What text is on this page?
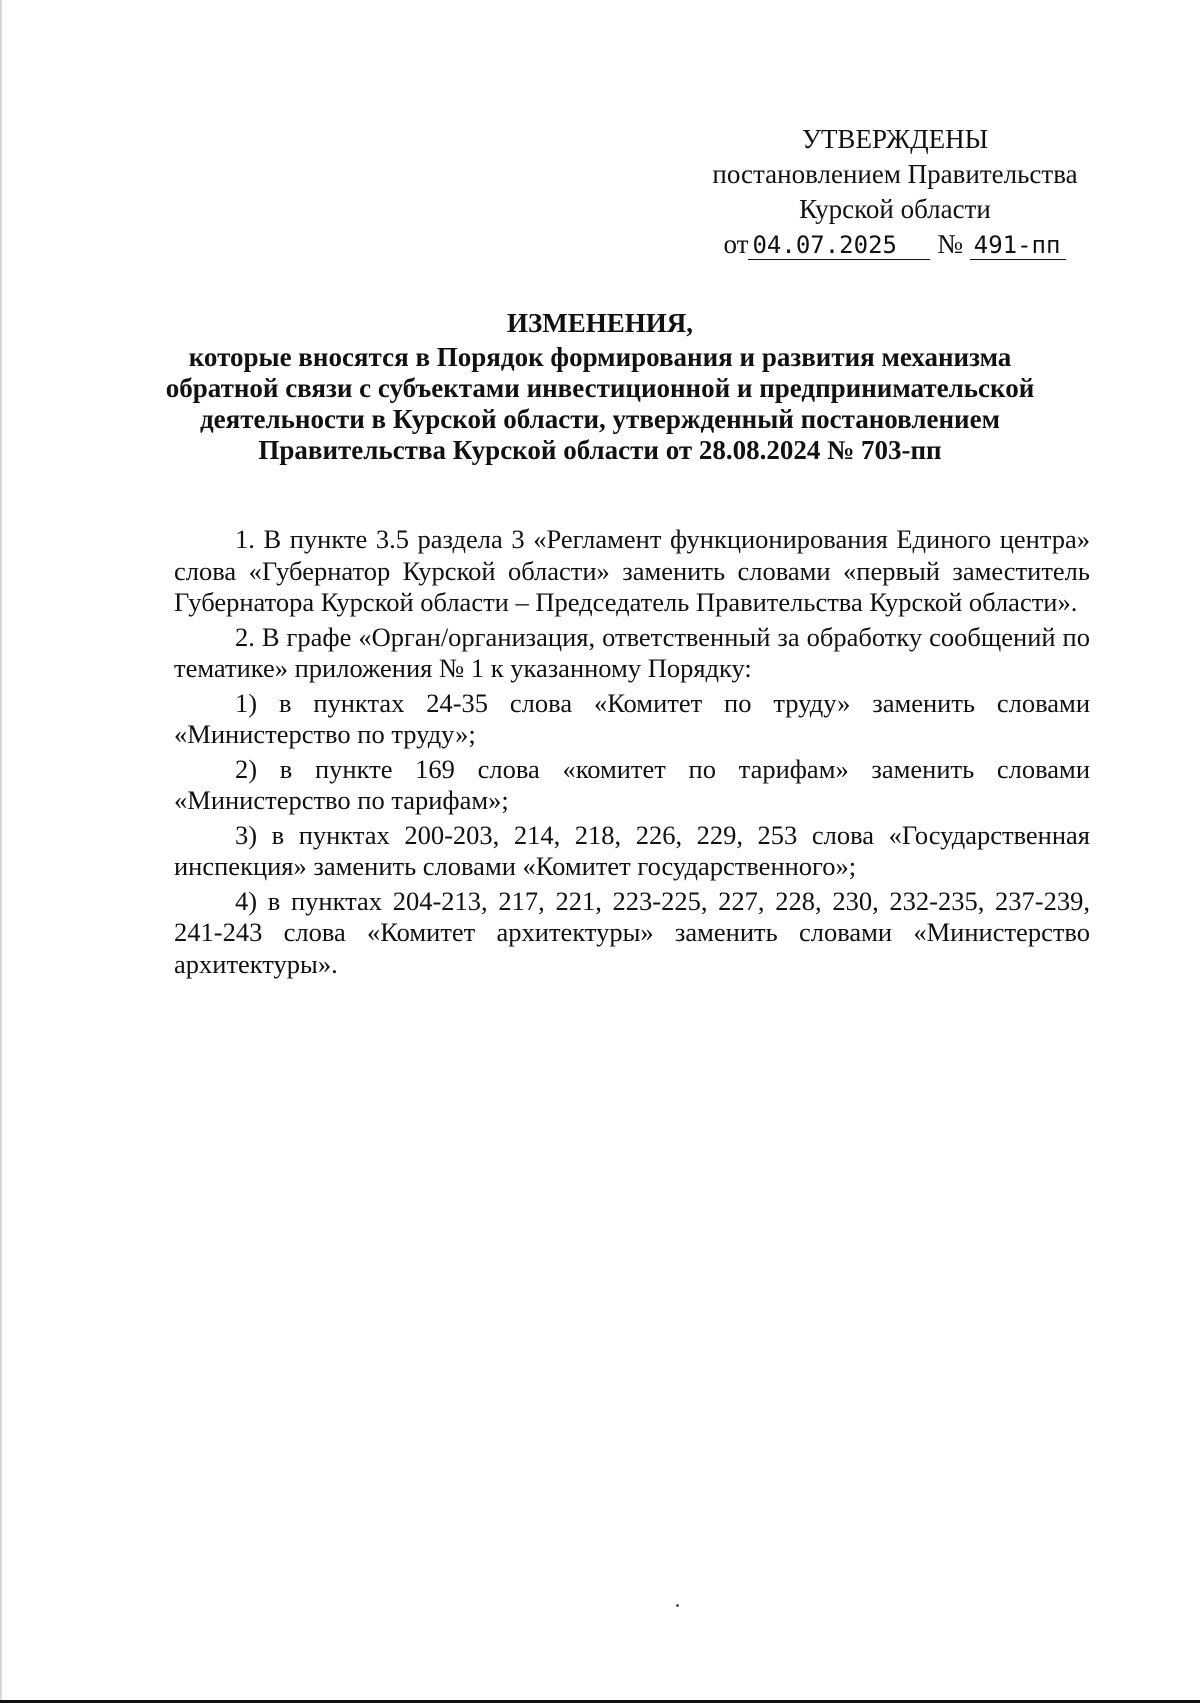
УТВЕРЖДЕНЫ
постановлением Правительства
Курской области
от 04.07.2025 № 491-пп
ИЗМЕНЕНИЯ,
которые вносятся в Порядок формирования и развития механизма обратной связи с субъектами инвестиционной и предпринимательской деятельности в Курской области, утвержденный постановлением Правительства Курской области от 28.08.2024 № 703-пп

1. В пункте 3.5 раздела 3 «Регламент функционирования Единого центра» слова «Губернатор Курской области» заменить словами «первый заместитель Губернатора Курской области – Председатель Правительства Курской области».

2. В графе «Орган/организация, ответственный за обработку сообщений по тематике» приложения № 1 к указанному Порядку:

1) в пунктах 24-35 слова «Комитет по труду» заменить словами «Министерство по труду»;

2) в пункте 169 слова «комитет по тарифам» заменить словами «Министерство по тарифам»;

3) в пунктах 200-203, 214, 218, 226, 229, 253 слова «Государственная инспекция» заменить словами «Комитет государственного»;

4) в пунктах 204-213, 217, 221, 223-225, 227, 228, 230, 232-235, 237-239, 241-243 слова «Комитет архитектуры» заменить словами «Министерство архитектуры».
